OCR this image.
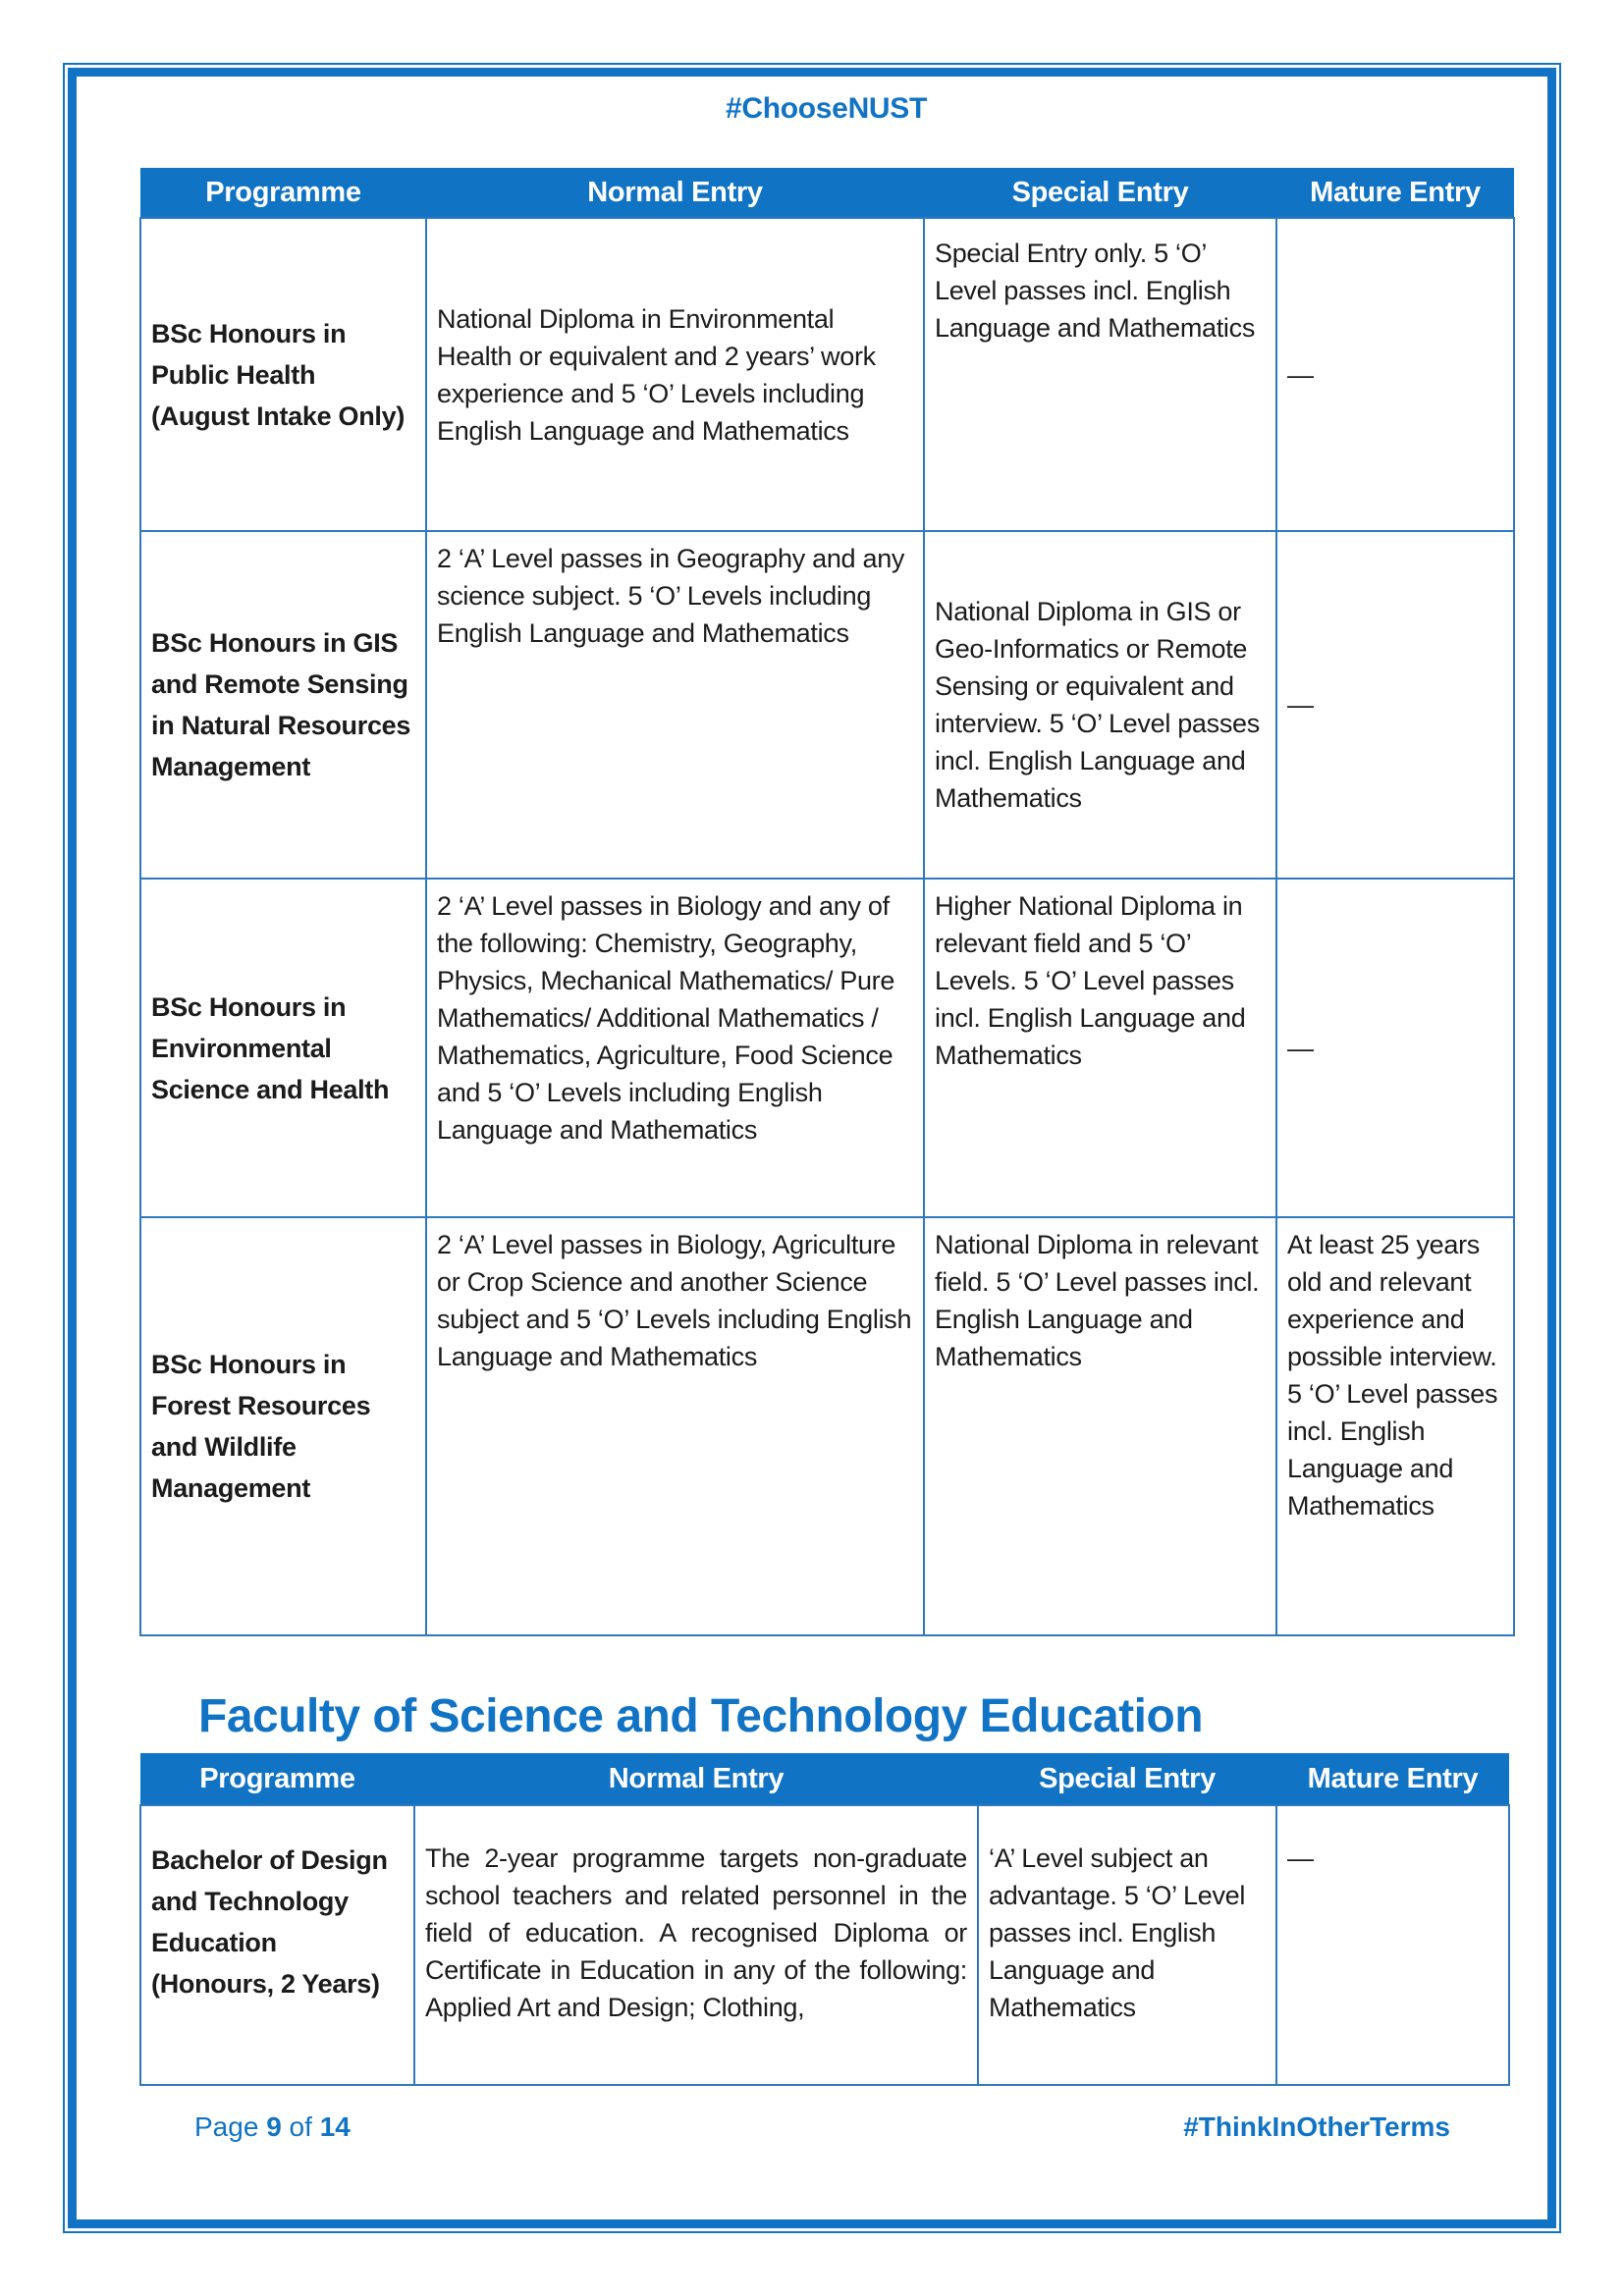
#ChooseNUST
Programme	Normal Entry	Special Entry	Mature Entry
BSc Honours in Public Health (August Intake Only)	National Diploma in Environmental Health or equivalent and 2 years’ work experience and 5 ‘O’ Levels including English Language and Mathematics	Special Entry only. 5 ‘O’ Level passes incl. English Language and Mathematics	—
BSc Honours in GIS and Remote Sensing in Natural Resources Management	2 ‘A’ Level passes in Geography and any science subject. 5 ‘O’ Levels including English Language and Mathematics	National Diploma in GIS or Geo-Informatics or Remote Sensing or equivalent and interview. 5 ‘O’ Level passes incl. English Language and Mathematics	—
BSc Honours in Environmental Science and Health	2 ‘A’ Level passes in Biology and any of the following: Chemistry, Geography, Physics, Mechanical Mathematics/ Pure Mathematics/ Additional Mathematics / Mathematics, Agriculture, Food Science and 5 ‘O’ Levels including English Language and Mathematics	Higher National Diploma in relevant field and 5 ‘O’ Levels. 5 ‘O’ Level passes incl. English Language and Mathematics	—
BSc Honours in Forest Resources and Wildlife Management	2 ‘A’ Level passes in Biology, Agriculture or Crop Science and another Science subject and 5 ‘O’ Levels including English Language and Mathematics	National Diploma in relevant field. 5 ‘O’ Level passes incl. English Language and Mathematics	At least 25 years old and relevant experience and possible interview. 5 ‘O’ Level passes incl. English Language and Mathematics
Faculty of Science and Technology Education
Programme	Normal Entry	Special Entry	Mature Entry
Bachelor of Design and Technology Education (Honours, 2 Years)	The 2-year programme targets non-graduate school teachers and related personnel in the field of education. A recognised Diploma or Certificate in Education in any of the following: Applied Art and Design; Clothing,	‘A’ Level subject an advantage. 5 ‘O’ Level passes incl. English Language and Mathematics	—
Page 9 of 14	#ThinkInOtherTerms
